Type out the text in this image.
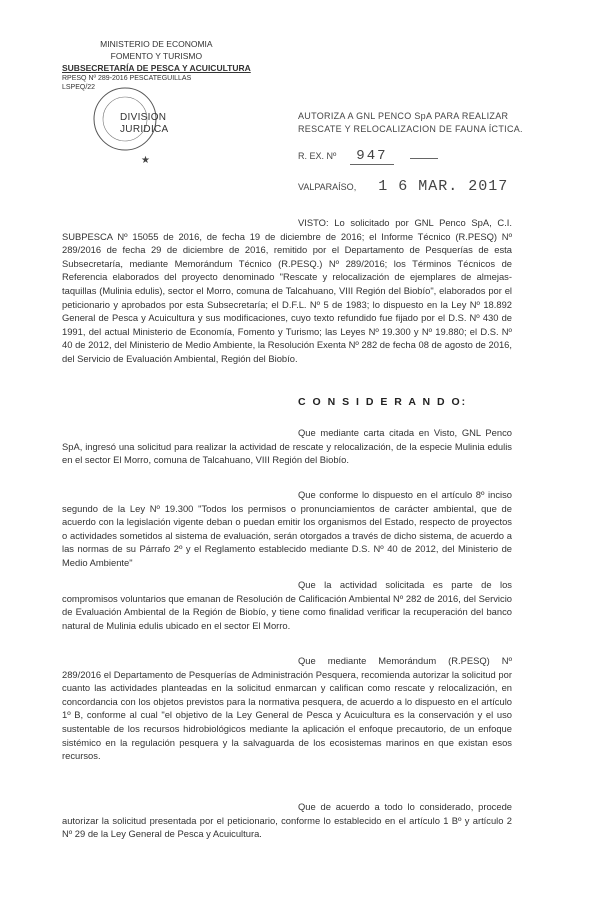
MINISTERIO DE ECONOMIA
FOMENTO Y TURISMO
SUBSECRETARÍA DE PESCA Y ACUICULTURA
RPESQ Nº 289-2016 PESCATEGUILLAS
LSPEQ/22
DIVISION
JURIDICA
★
AUTORIZA A GNL PENCO SpA PARA REALIZAR
RESCATE Y RELOCALIZACION DE FAUNA ÍCTICA.
R. EX. Nº 947
VALPARAÍSO, 1 6 MAR. 2017
VISTO: Lo solicitado por GNL Penco SpA, C.I. SUBPESCA Nº 15055 de 2016, de fecha 19 de diciembre de 2016; el Informe Técnico (R.PESQ) Nº 289/2016 de fecha 29 de diciembre de 2016, remitido por el Departamento de Pesquerías de esta Subsecretaría, mediante Memorándum Técnico (R.PESQ.) Nº 289/2016; los Términos Técnicos de Referencia elaborados del proyecto denominado "Rescate y relocalización de ejemplares de almejas- taquillas (Mulinia edulis), sector el Morro, comuna de Talcahuano, VIII Región del Biobío", elaborados por el peticionario y aprobados por esta Subsecretaría; el D.F.L. Nº 5 de 1983; lo dispuesto en la Ley Nº 18.892 General de Pesca y Acuicultura y sus modificaciones, cuyo texto refundido fue fijado por el D.S. Nº 430 de 1991, del actual Ministerio de Economía, Fomento y Turismo; las Leyes Nº 19.300 y Nº 19.880; el D.S. Nº 40 de 2012, del Ministerio de Medio Ambiente, la Resolución Exenta Nº 282 de fecha 08 de agosto de 2016, del Servicio de Evaluación Ambiental, Región del Biobío.
C O N S I D E R A N D O:
Que mediante carta citada en Visto, GNL Penco SpA, ingresó una solicitud para realizar la actividad de rescate y relocalización, de la especie Mulinia edulis en el sector El Morro, comuna de Talcahuano, VIII Región del Biobío.
Que conforme lo dispuesto en el artículo 8º inciso segundo de la Ley Nº 19.300 "Todos los permisos o pronunciamientos de carácter ambiental, que de acuerdo con la legislación vigente deban o puedan emitir los organismos del Estado, respecto de proyectos o actividades sometidos al sistema de evaluación, serán otorgados a través de dicho sistema, de acuerdo a las normas de su Párrafo 2º y el Reglamento establecido mediante D.S. Nº 40 de 2012, del Ministerio de Medio Ambiente"
Que la actividad solicitada es parte de los compromisos voluntarios que emanan de Resolución de Calificación Ambiental Nº 282 de 2016, del Servicio de Evaluación Ambiental de la Región de Biobío, y tiene como finalidad verificar la recuperación del banco natural de Mulinia edulis ubicado en el sector El Morro.
Que mediante Memorándum (R.PESQ) Nº 289/2016 el Departamento de Pesquerías de Administración Pesquera, recomienda autorizar la solicitud por cuanto las actividades planteadas en la solicitud enmarcan y califican como rescate y relocalización, en concordancia con los objetos previstos para la normativa pesquera, de acuerdo a lo dispuesto en el artículo 1º B, conforme al cual "el objetivo de la Ley General de Pesca y Acuicultura es la conservación y el uso sustentable de los recursos hidrobiológicos mediante la aplicación el enfoque precautorio, de un enfoque sistémico en la regulación pesquera y la salvaguarda de los ecosistemas marinos en que existan esos recursos.
Que de acuerdo a todo lo considerado, procede autorizar la solicitud presentada por el peticionario, conforme lo establecido en el artículo 1 Bº y artículo 2 Nº 29 de la Ley General de Pesca y Acuicultura.
